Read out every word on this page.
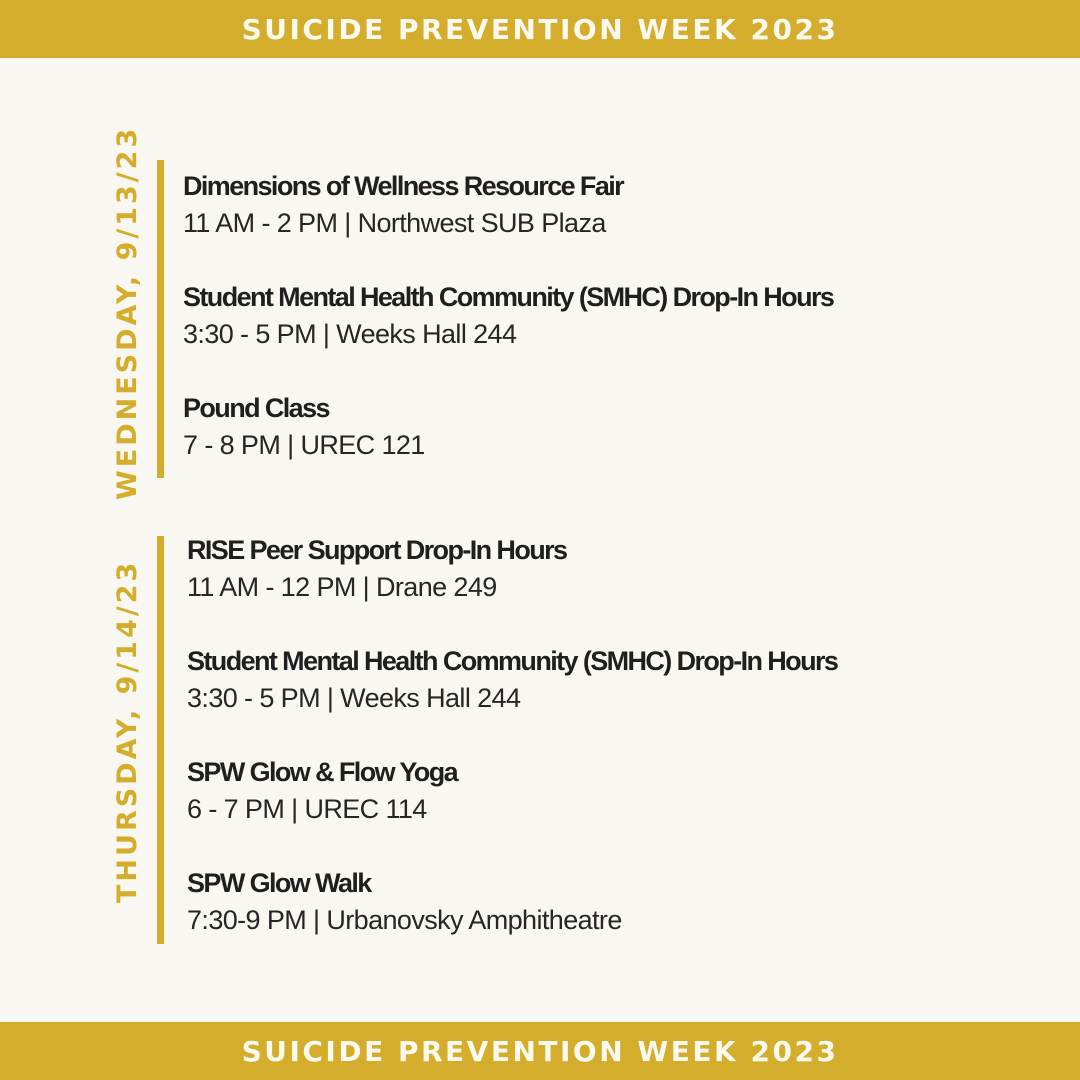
SUICIDE PREVENTION WEEK 2023
WEDNESDAY, 9/13/23 Dimensions of Wellness Resource Fair
11 AM - 2 PM | Northwest SUB Plaza
Student Mental Health Community (SMHC) Drop-In Hours
3:30 - 5 PM | Weeks Hall 244
Pound Class
7 - 8 PM | UREC 121
THURSDAY, 9/14/23
RISE Peer Support Drop-In Hours
11 AM - 12 PM | Drane 249
Student Mental Health Community (SMHC) Drop-In Hours
3:30 - 5 PM | Weeks Hall 244
SPW Glow & Flow Yoga
6 - 7 PM | UREC 114
SPW Glow Walk
7:30-9 PM | Urbanovsky Amphitheatre
SUICIDE PREVENTION WEEK 2023
